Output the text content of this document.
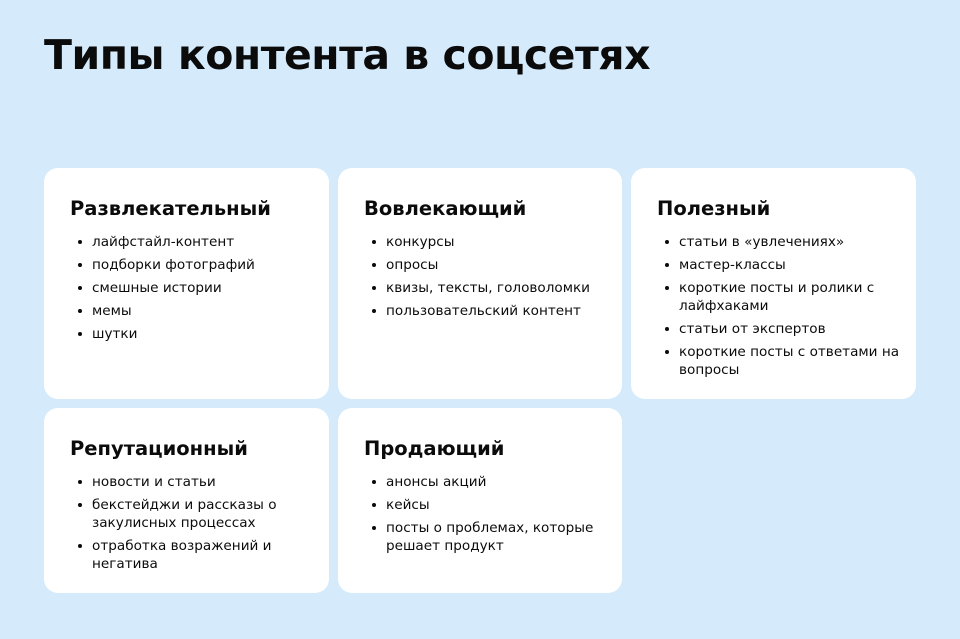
Типы контента в соцсетях
Развлекательный
лайфстайл-контент
подборки фотографий
смешные истории
мемы
шутки
Вовлекающий
конкурсы
опросы
квизы, тексты, головоломки
пользовательский контент
Полезный
статьи в «увлечениях»
мастер-классы
короткие посты и ролики с лайфхаками
статьи от экспертов
короткие посты с ответами на вопросы
Репутационный
новости и статьи
бекстейджи и рассказы о закулисных процессах
отработка возражений и негатива
Продающий
анонсы акций
кейсы
посты о проблемах, которые решает продукт
